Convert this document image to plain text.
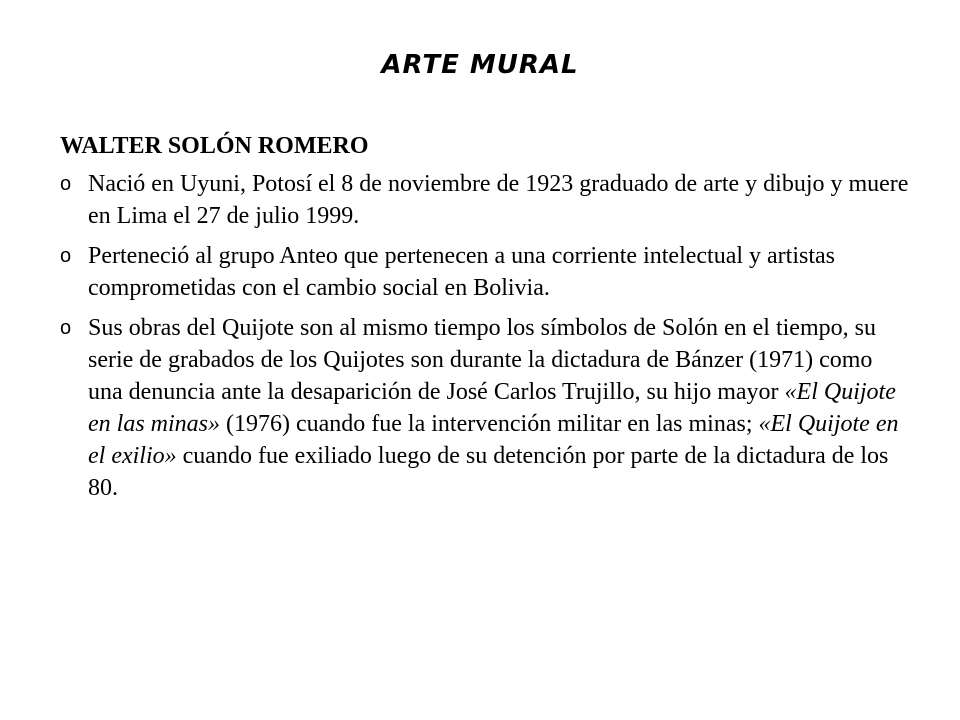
ARTE MURAL
WALTER SOLÓN ROMERO
o Nació en Uyuni, Potosí el 8 de noviembre de 1923 graduado de arte y dibujo y muere en Lima el 27 de julio 1999.
o Perteneció al grupo Anteo que pertenecen a una corriente intelectual y artistas comprometidas con el cambio social en Bolivia.
o Sus obras del Quijote son al mismo tiempo los símbolos de Solón en el tiempo, su serie de grabados de los Quijotes son durante la dictadura de Bánzer (1971) como una denuncia ante la desaparición de José Carlos Trujillo, su hijo mayor «El Quijote en las minas» (1976) cuando fue la intervención militar en las minas; «El Quijote en el exilio» cuando fue exiliado luego de su detención por parte de la dictadura de los 80.
